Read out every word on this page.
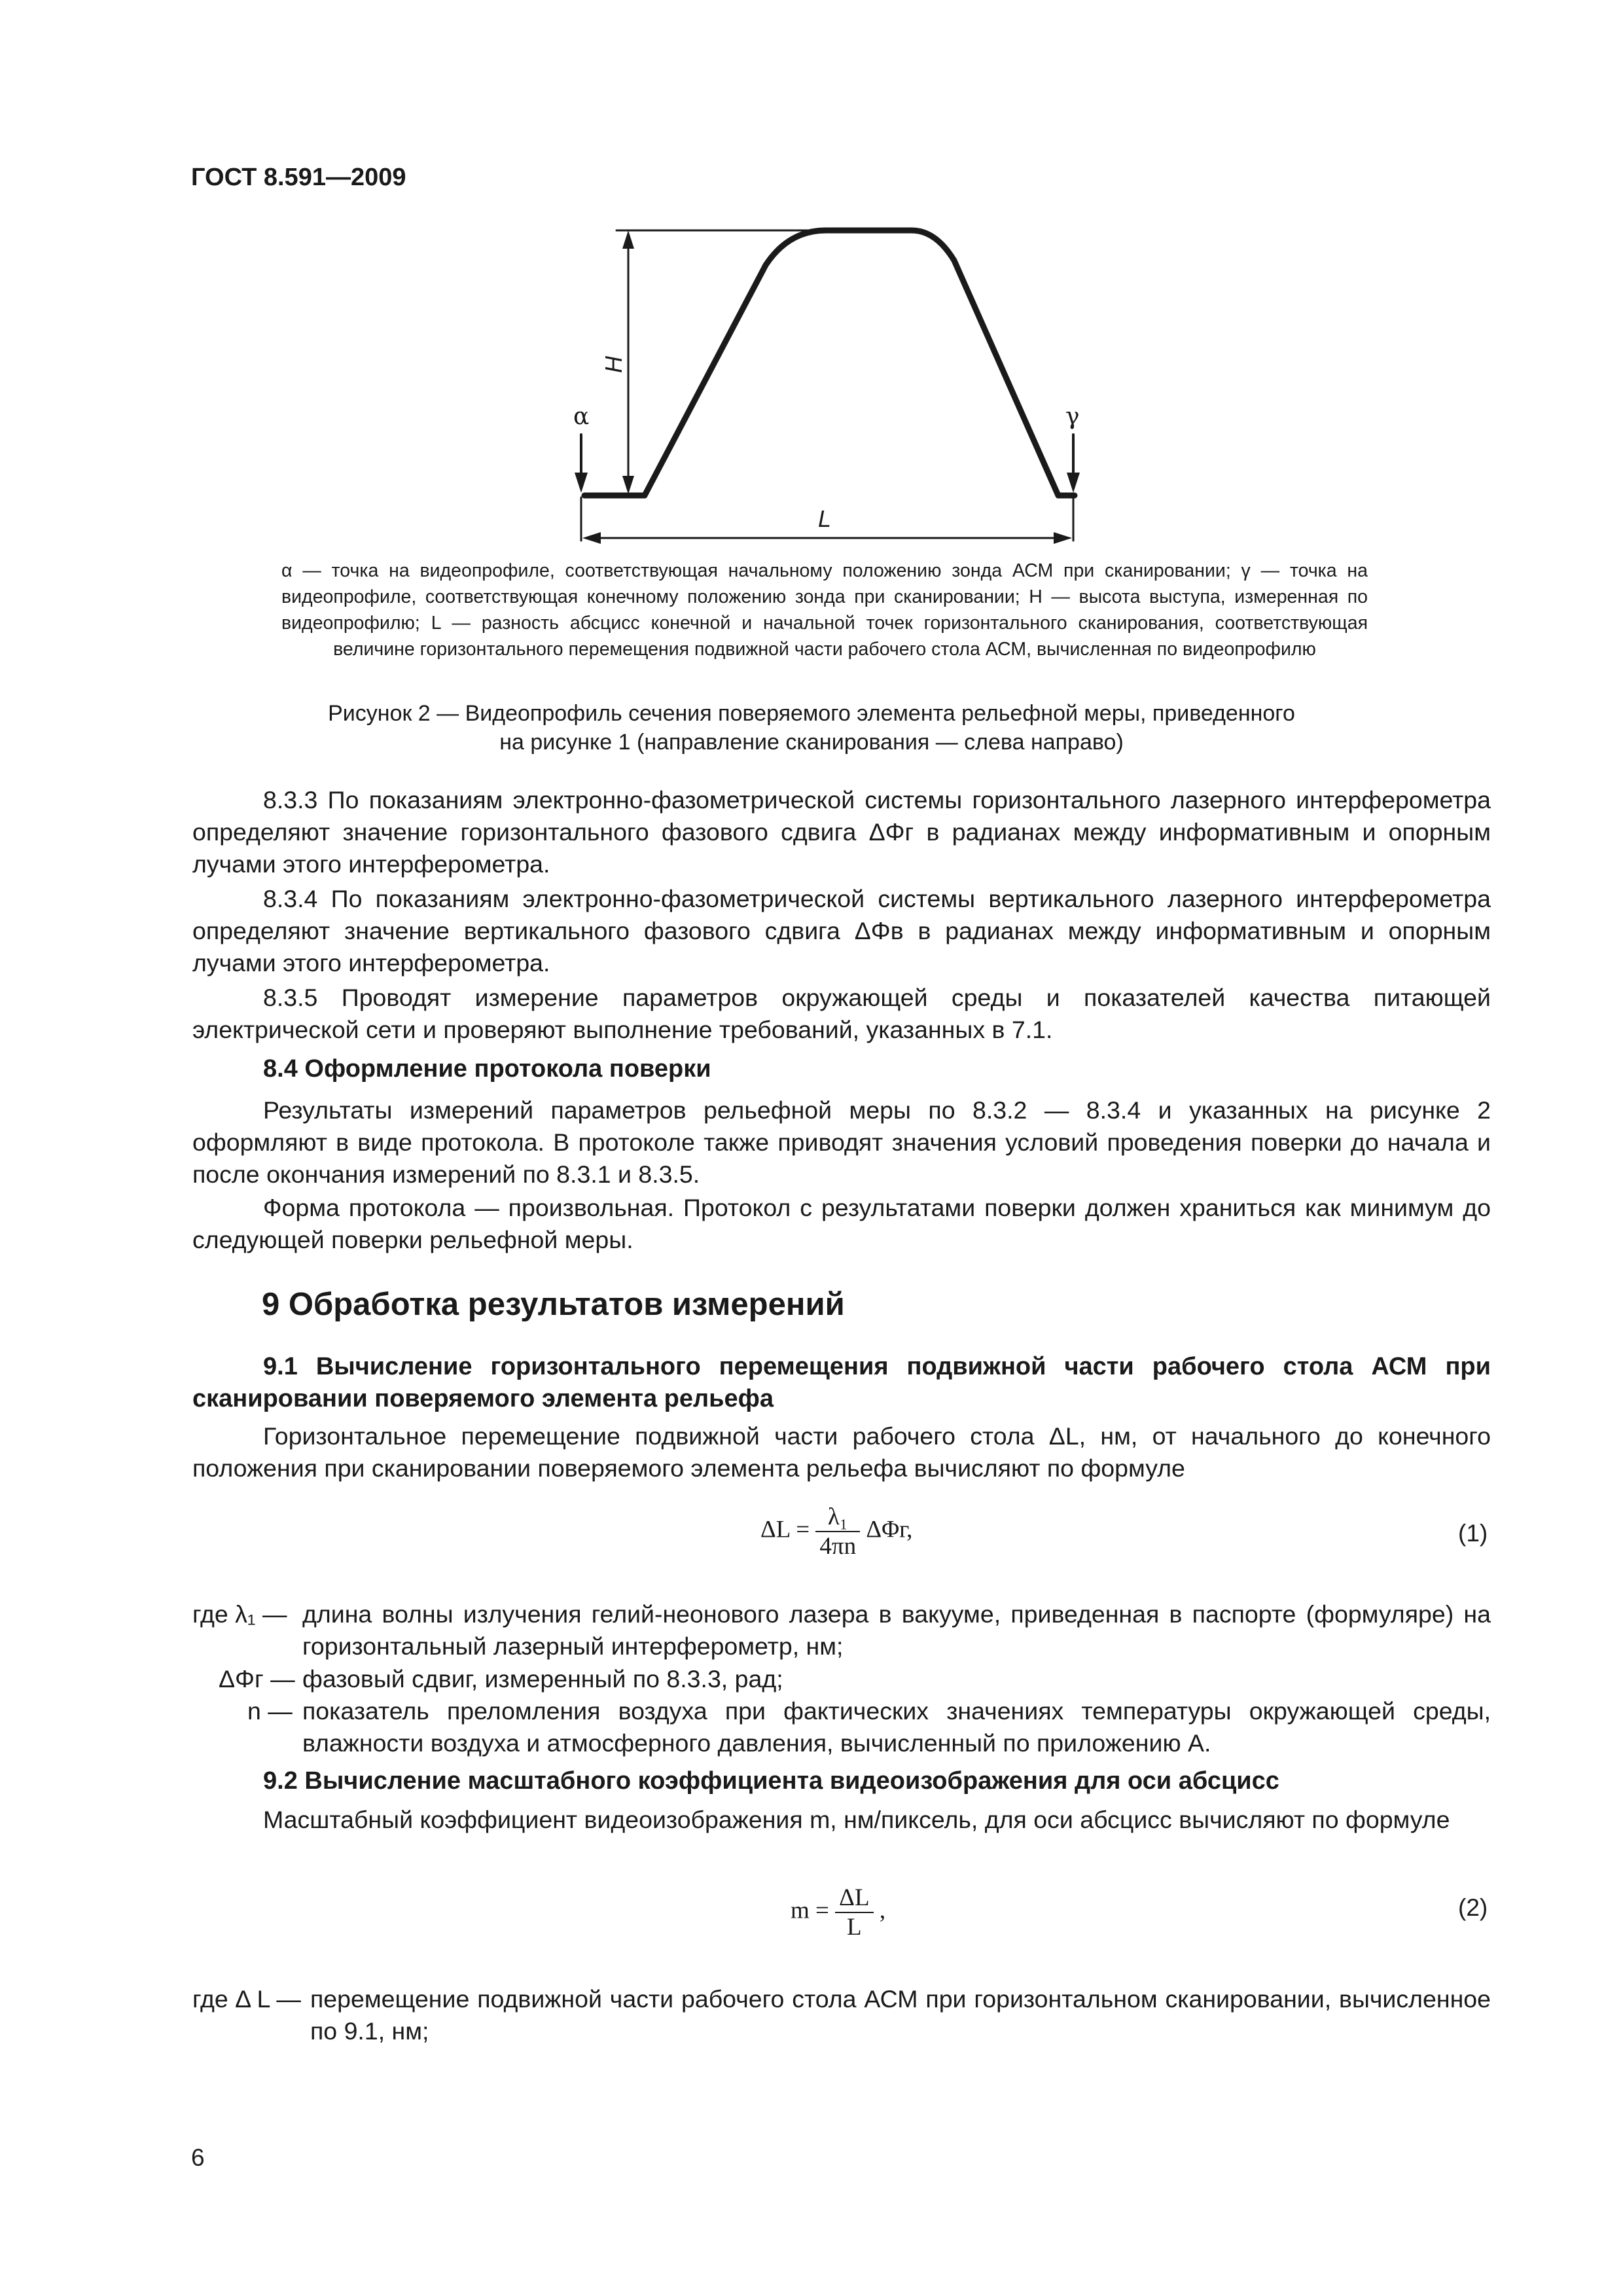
ГОСТ 8.591—2009
α	γ
H
L
α — точка на видеопрофиле, соответствующая начальному положению зонда АСМ при сканировании; γ — точка на видеопрофиле, соответствующая конечному положению зонда при сканировании; H — высота выступа, измеренная по видеопрофилю; L — разность абсцисс конечной и начальной точек горизонтального сканирования, соответствующая величине горизонтального перемещения подвижной части рабочего стола АСМ, вычисленная по видеопрофилю
Рисунок 2 — Видеопрофиль сечения поверяемого элемента рельефной меры, приведенного
на рисунке 1 (направление сканирования — слева направо)
8.3.3 По показаниям электронно-фазометрической системы горизонтального лазерного интерферометра определяют значение горизонтального фазового сдвига ΔΦг в радианах между информативным и опорным лучами этого интерферометра.
8.3.4 По показаниям электронно-фазометрической системы вертикального лазерного интерферометра определяют значение вертикального фазового сдвига ΔΦв в радианах между информативным и опорным лучами этого интерферометра.
8.3.5 Проводят измерение параметров окружающей среды и показателей качества питающей электрической сети и проверяют выполнение требований, указанных в 7.1.
8.4 Оформление протокола поверки
Результаты измерений параметров рельефной меры по 8.3.2 — 8.3.4 и указанных на рисунке 2 оформляют в виде протокола. В протоколе также приводят значения условий проведения поверки до начала и после окончания измерений по 8.3.1 и 8.3.5.
Форма протокола — произвольная. Протокол с результатами поверки должен храниться как минимум до следующей поверки рельефной меры.
9 Обработка результатов измерений
9.1 Вычисление горизонтального перемещения подвижной части рабочего стола АСМ при сканировании поверяемого элемента рельефа
Горизонтальное перемещение подвижной части рабочего стола ΔL, нм, от начального до конечного положения при сканировании поверяемого элемента рельефа вычисляют по формуле
$\Delta L = \frac{\text{λ₁}}{4\pi n} \Delta\Phi г$,	(1)
где λ₁ — длина волны излучения гелий-неонового лазера в вакууме, приведенная в паспорте (формуляре) на горизонтальный лазерный интерферометр, нм;
ΔΦг — фазовый сдвиг, измеренный по 8.3.3, рад;
n — показатель преломления воздуха при фактических значениях температуры окружающей среды, влажности воздуха и атмосферного давления, вычисленный по приложению А.
9.2 Вычисление масштабного коэффициента видеоизображения для оси абсцисс
Масштабный коэффициент видеоизображения m, нм/пиксель, для оси абсцисс вычисляют по формуле
$m = \frac{\Delta L}{L}$ ,	(2)
где Δ L — перемещение подвижной части рабочего стола АСМ при горизонтальном сканировании, вычисленное по 9.1, нм;
6
